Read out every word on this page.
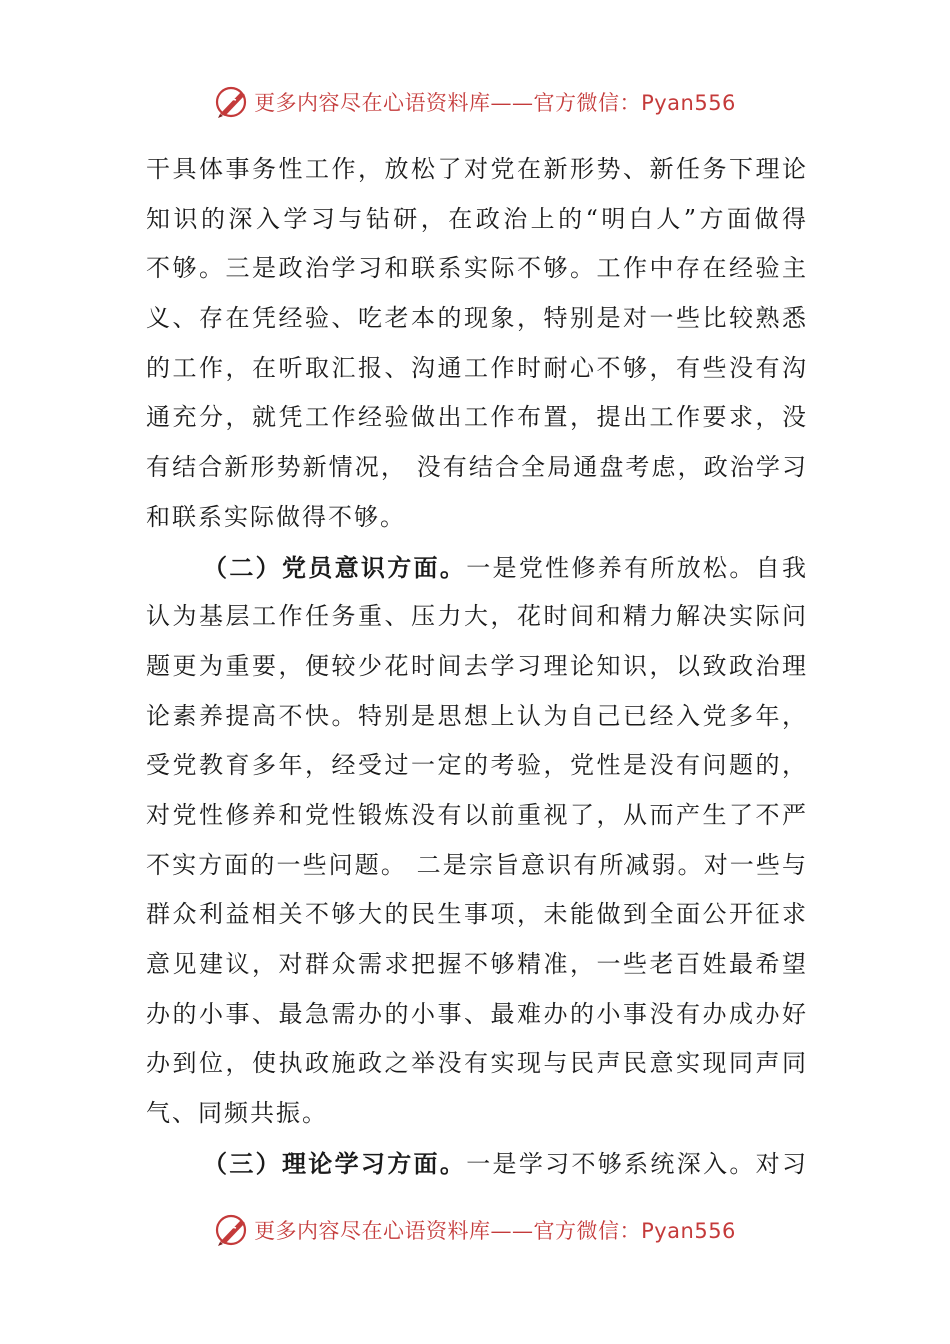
更多内容尽在心语资料库——官方微信：Pyan556
干具体事务性工作，放松了对党在新形势、新任务下理论
知识的深入学习与钻研，在政治上的“明白人”方面做得
不够。三是政治学习和联系实际不够。工作中存在经验主
义、存在凭经验、吃老本的现象，特别是对一些比较熟悉
的工作，在听取汇报、沟通工作时耐心不够，有些没有沟
通充分，就凭工作经验做出工作布置，提出工作要求，没
有结合新形势新情况， 没有结合全局通盘考虑，政治学习
和联系实际做得不够。
（二）党员意识方面。一是党性修养有所放松。自我
认为基层工作任务重、压力大，花时间和精力解决实际问
题更为重要，便较少花时间去学习理论知识，以致政治理
论素养提高不快。特别是思想上认为自己已经入党多年，
受党教育多年，经受过一定的考验，党性是没有问题的，
对党性修养和党性锻炼没有以前重视了，从而产生了不严
不实方面的一些问题。 二是宗旨意识有所减弱。对一些与
群众利益相关不够大的民生事项，未能做到全面公开征求
意见建议，对群众需求把握不够精准，一些老百姓最希望
办的小事、最急需办的小事、最难办的小事没有办成办好
办到位，使执政施政之举没有实现与民声民意实现同声同
气、同频共振。
（三）理论学习方面。一是学习不够系统深入。对习
更多内容尽在心语资料库——官方微信：Pyan556
